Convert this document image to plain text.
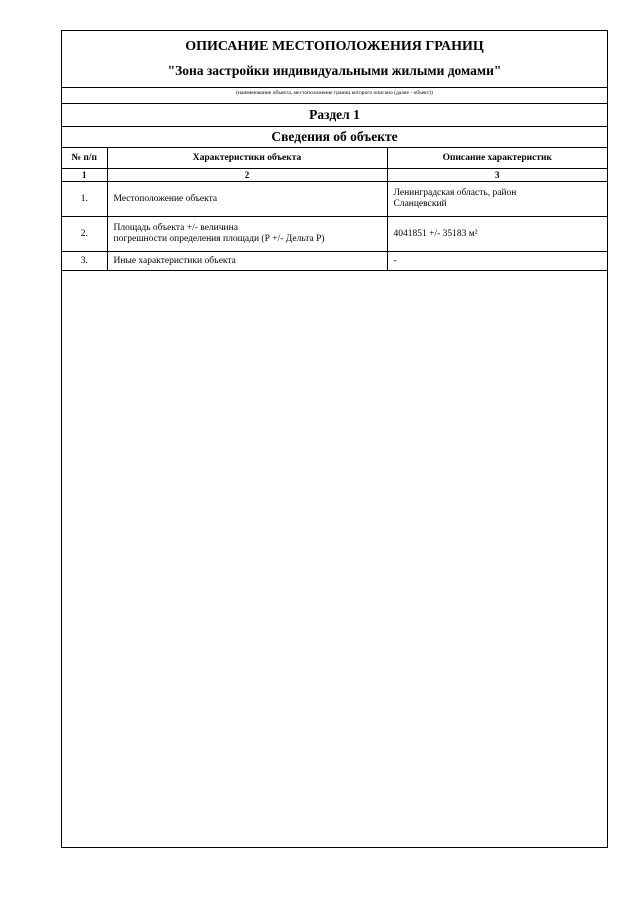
ОПИСАНИЕ МЕСТОПОЛОЖЕНИЯ ГРАНИЦ
"Зона застройки индивидуальными жилыми домами"
(наименование объекта, местоположение границ которого описано (далее - объект))
Раздел 1
Сведения об объекте
№ п/п	Характеристики объекта	Описание характеристик
1	2	3
1.	Местоположение объекта	Ленинградская область, район
Сланцевский

2.	Площадь объекта +/- величина
погрешности определения площади (Р +/- Дельта Р)	4041851 +/- 35183 м²
3.	Иные характеристики объекта	-
